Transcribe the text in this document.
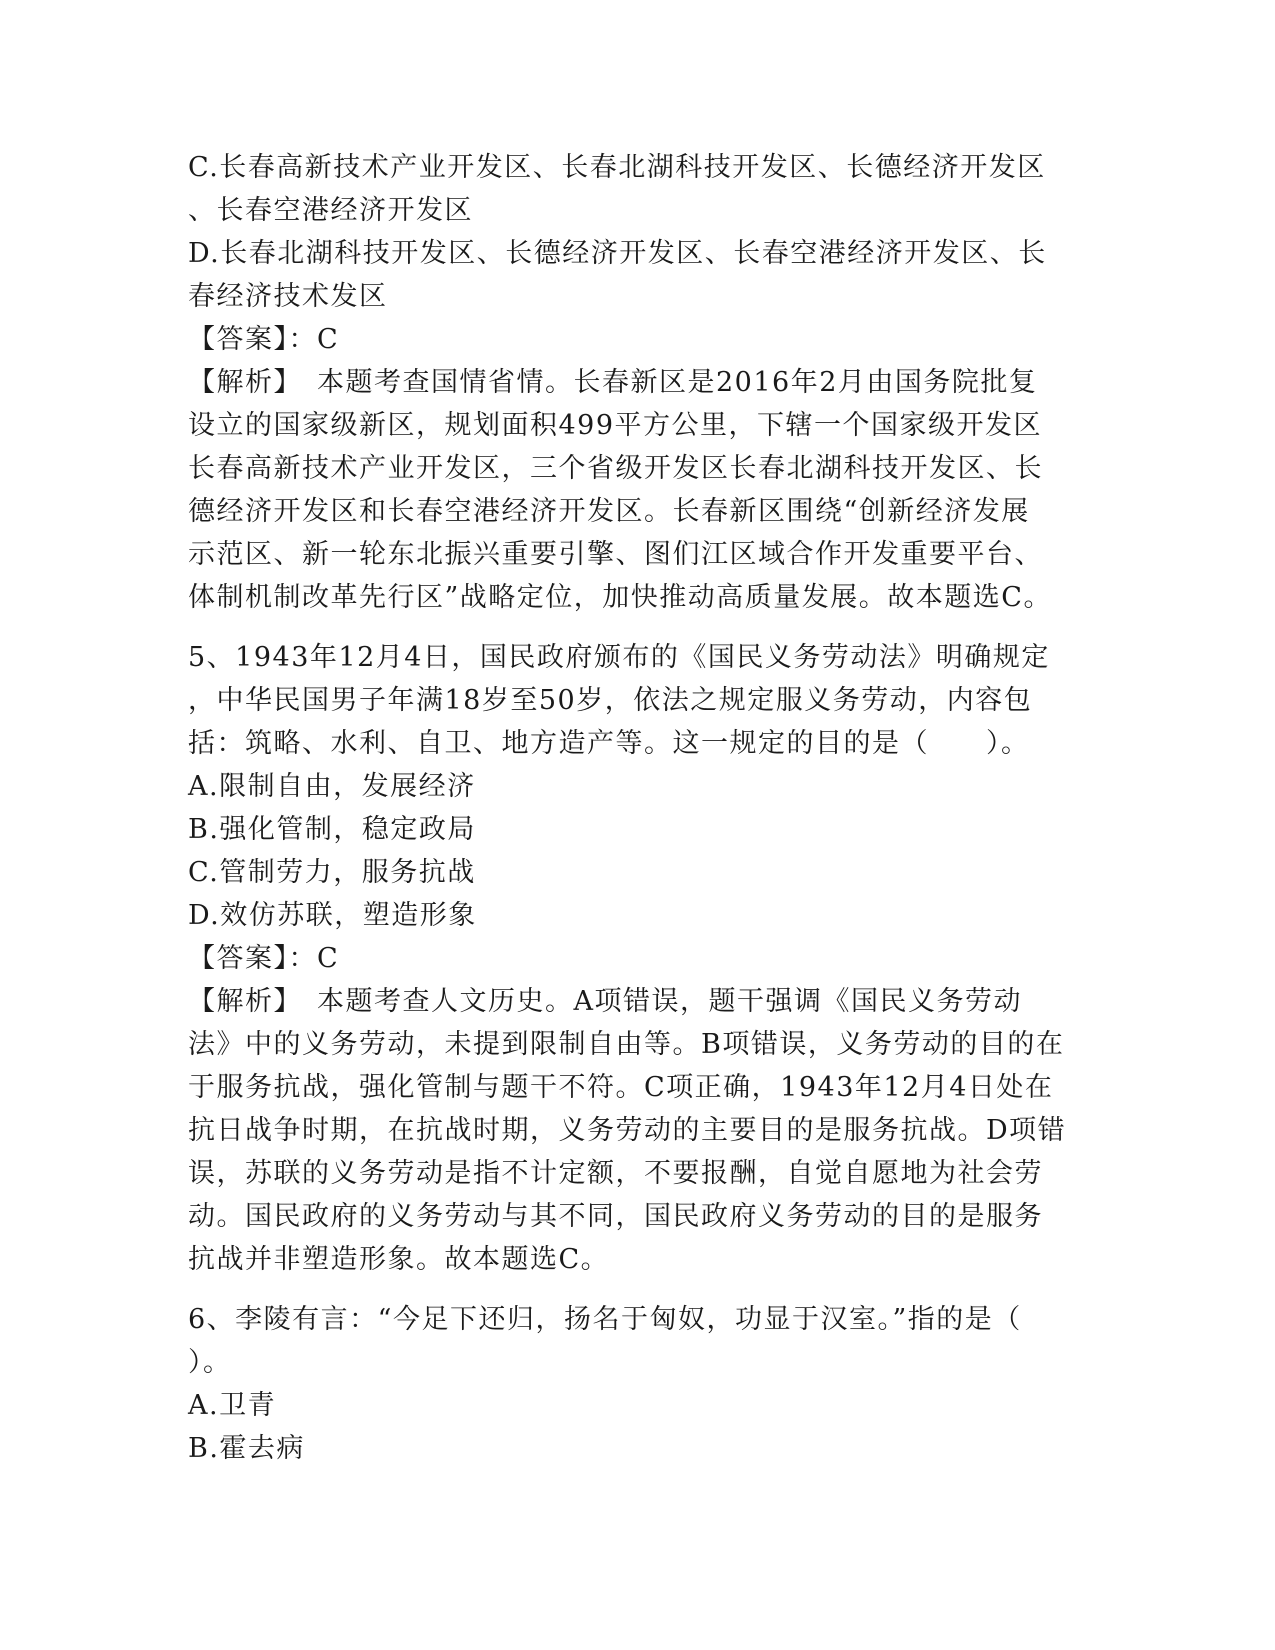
C.长春高新技术产业开发区、长春北湖科技开发区、长德经济开发区
、长春空港经济开发区
D.长春北湖科技开发区、长德经济开发区、长春空港经济开发区、长
春经济技术发区
【答案】：C
【解析】　本题考查国情省情。长春新区是2016年2月由国务院批复
设立的国家级新区，规划面积499平方公里，下辖一个国家级开发区
长春高新技术产业开发区，三个省级开发区长春北湖科技开发区、长
德经济开发区和长春空港经济开发区。长春新区围绕“创新经济发展
示范区、新一轮东北振兴重要引擎、图们江区域合作开发重要平台、
体制机制改革先行区”战略定位，加快推动高质量发展。故本题选C。
5、1943年12月4日，国民政府颁布的《国民义务劳动法》明确规定
，中华民国男子年满18岁至50岁，依法之规定服义务劳动，内容包
括：筑略、水利、自卫、地方造产等。这一规定的目的是（　　）。
A.限制自由，发展经济
B.强化管制，稳定政局
C.管制劳力，服务抗战
D.效仿苏联，塑造形象
【答案】：C
【解析】　本题考查人文历史。A项错误，题干强调《国民义务劳动
法》中的义务劳动，未提到限制自由等。B项错误，义务劳动的目的在
于服务抗战，强化管制与题干不符。C项正确，1943年12月4日处在
抗日战争时期，在抗战时期，义务劳动的主要目的是服务抗战。D项错
误，苏联的义务劳动是指不计定额，不要报酬，自觉自愿地为社会劳
动。国民政府的义务劳动与其不同，国民政府义务劳动的目的是服务
抗战并非塑造形象。故本题选C。
6、李陵有言：“今足下还归，扬名于匈奴，功显于汉室。”指的是（
）。
A.卫青
B.霍去病
